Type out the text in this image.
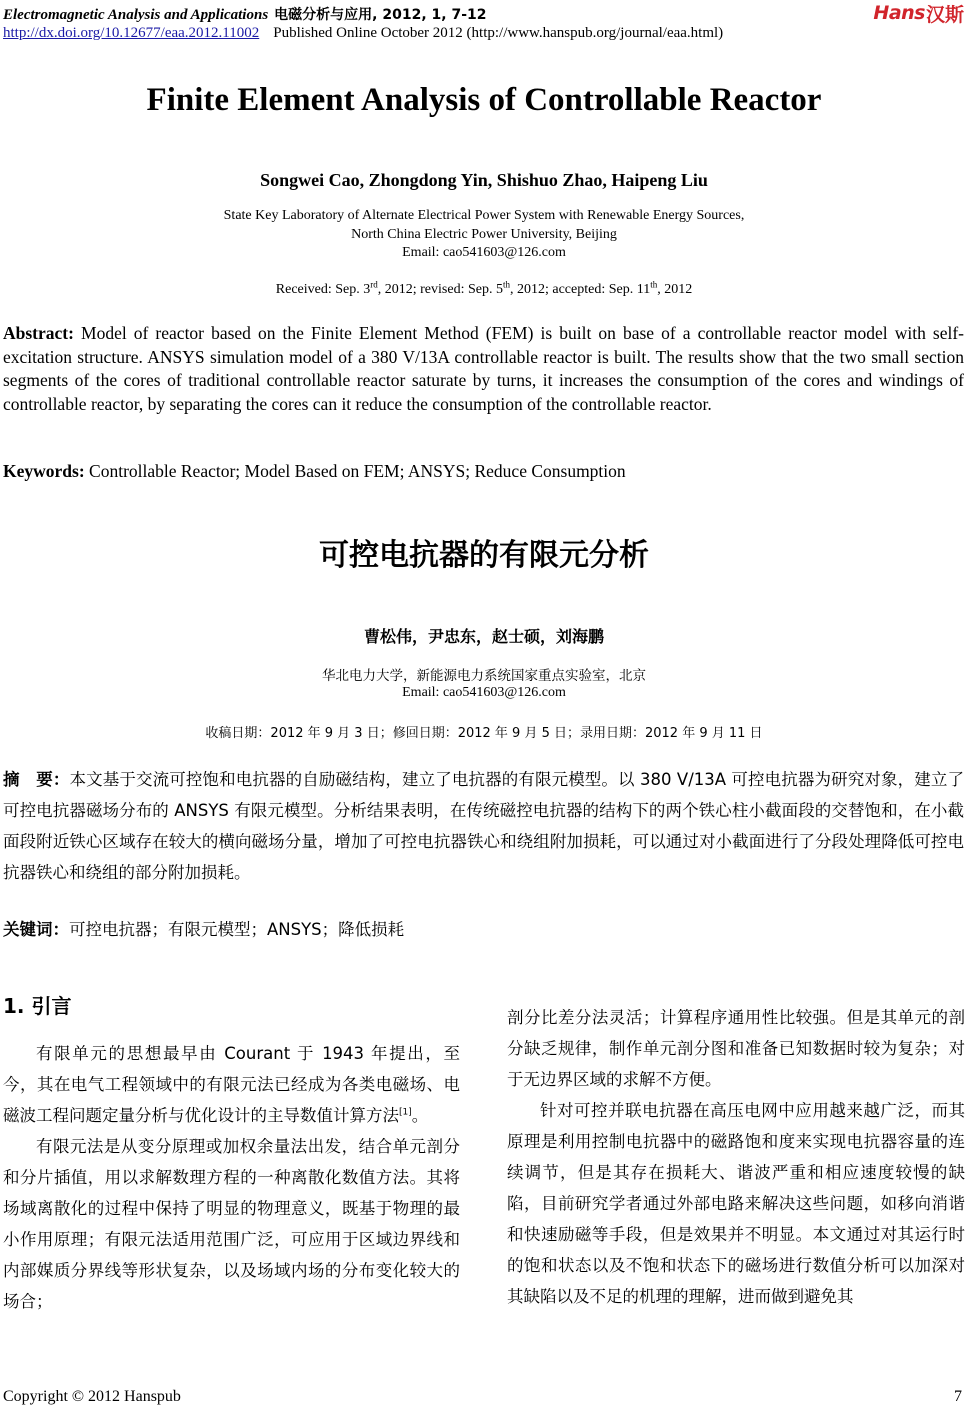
Electromagnetic Analysis and Applications 电磁分析与应用, 2012, 1, 7-12
http://dx.doi.org/10.12677/eaa.2012.11002 Published Online October 2012 (http://www.hanspub.org/journal/eaa.html)
Hans 汉斯
Finite Element Analysis of Controllable Reactor
Songwei Cao, Zhongdong Yin, Shishuo Zhao, Haipeng Liu
State Key Laboratory of Alternate Electrical Power System with Renewable Energy Sources,
North China Electric Power University, Beijing
Email: cao541603@126.com
Received: Sep. 3rd, 2012; revised: Sep. 5th, 2012; accepted: Sep. 11th, 2012
Abstract: Model of reactor based on the Finite Element Method (FEM) is built on base of a controllable reactor model with self-excitation structure. ANSYS simulation model of a 380 V/13A controllable reactor is built. The results show that the two small section segments of the cores of traditional controllable reactor saturate by turns, it increases the consumption of the cores and windings of controllable reactor, by separating the cores can it reduce the consumption of the controllable reactor.
Keywords: Controllable Reactor; Model Based on FEM; ANSYS; Reduce Consumption
可控电抗器的有限元分析
曹松伟，尹忠东，赵士硕，刘海鹏
华北电力大学，新能源电力系统国家重点实验室，北京
Email: cao541603@126.com
收稿日期：2012 年 9 月 3 日；修回日期：2012 年 9 月 5 日；录用日期：2012 年 9 月 11 日
摘　要：本文基于交流可控饱和电抗器的自励磁结构，建立了电抗器的有限元模型。以 380 V/13A 可控电抗器为研究对象，建立了可控电抗器磁场分布的 ANSYS 有限元模型。分析结果表明，在传统磁控电抗器的结构下的两个铁心柱小截面段的交替饱和，在小截面段附近铁心区域存在较大的横向磁场分量，增加了可控电抗器铁心和绕组附加损耗，可以通过对小截面进行了分段处理降低可控电抗器铁心和绕组的部分附加损耗。
关键词：可控电抗器；有限元模型；ANSYS；降低损耗
1. 引言

有限单元的思想最早由 Courant 于 1943 年提出，至今，其在电气工程领域中的有限元法已经成为各类电磁场、电磁波工程问题定量分析与优化设计的主导数值计算方法[1]。

有限元法是从变分原理或加权余量法出发，结合单元剖分和分片插值，用以求解数理方程的一种离散化数值方法。其将场域离散化的过程中保持了明显的物理意义，既基于物理的最小作用原理；有限元法适用范围广泛，可应用于区域边界线和内部媒质分界线等形状复杂，以及场域内场的分布变化较大的场合；

剖分比差分法灵活；计算程序通用性比较强。但是其单元的剖分缺乏规律，制作单元剖分图和准备已知数据时较为复杂；对于无边界区域的求解不方便。

针对可控并联电抗器在高压电网中应用越来越广泛，而其原理是利用控制电抗器中的磁路饱和度来实现电抗器容量的连续调节，但是其存在损耗大、谐波严重和相应速度较慢的缺陷，目前研究学者通过外部电路来解决这些问题，如移向消谐和快速励磁等手段，但是效果并不明显。本文通过对其运行时的饱和状态以及不饱和状态下的磁场进行数值分析可以加深对其缺陷以及不足的机理的理解，进而做到避免其

Copyright © 2012 Hanspub	7
